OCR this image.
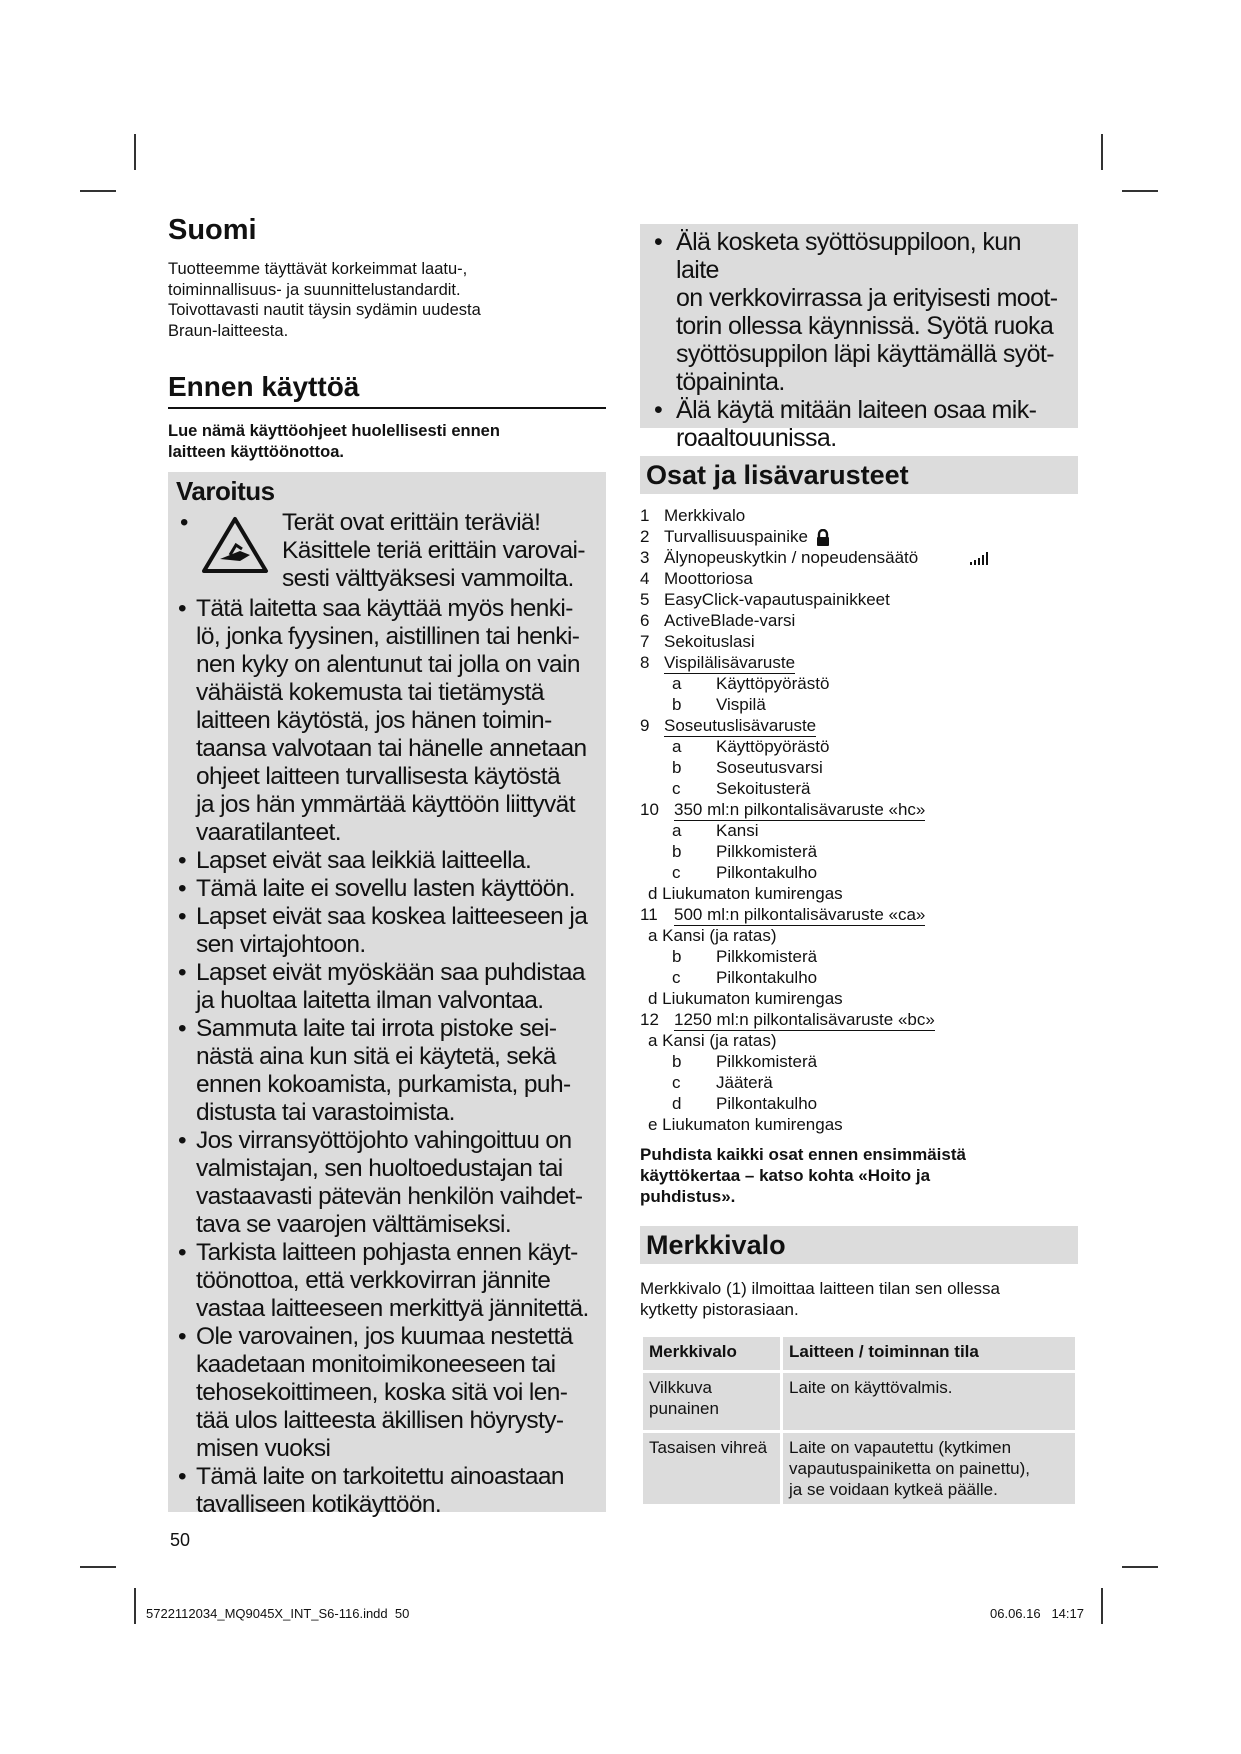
Suomi
Tuotteemme täyttävät korkeimmat laatu-,
toiminnallisuus- ja suunnittelustandardit.
Toivottavasti nautit täysin sydämin uudesta
Braun-laitteesta.
Ennen käyttöä
Lue nämä käyttöohjeet huolellisesti ennen
laitteen käyttöönottoa.
Varoitus
•	Terät ovat erittäin teräviä!
Käsittele teriä erittäin varovai-
sesti välttyäksesi vammoilta.
• Tätä laitetta saa käyttää myös henki-
lö, jonka fyysinen, aistillinen tai henki-
nen kyky on alentunut tai jolla on vain
vähäistä kokemusta tai tietämystä
laitteen käytöstä, jos hänen toimin-
taansa valvotaan tai hänelle annetaan
ohjeet laitteen turvallisesta käytöstä
ja jos hän ymmärtää käyttöön liittyvät
vaaratilanteet.
• Lapset eivät saa leikkiä laitteella.
• Tämä laite ei sovellu lasten käyttöön.
• Lapset eivät saa koskea laitteeseen ja
sen virtajohtoon.
• Lapset eivät myöskään saa puhdistaa
ja huoltaa laitetta ilman valvontaa.
• Sammuta laite tai irrota pistoke sei-
nästä aina kun sitä ei käytetä, sekä
ennen kokoamista, purkamista, puh-
distusta tai varastoimista.
• Jos virransyöttöjohto vahingoittuu on
valmistajan, sen huoltoedustajan tai
vastaavasti pätevän henkilön vaihdet-
tava se vaarojen välttämiseksi.
• Tarkista laitteen pohjasta ennen käyt-
töönottoa, että verkkovirran jännite
vastaa laitteeseen merkittyä jännitettä.
• Ole varovainen, jos kuumaa nestettä
kaadetaan monitoimikoneeseen tai
tehosekoittimeen, koska sitä voi len-
tää ulos laitteesta äkillisen höyrysty-
misen vuoksi
• Tämä laite on tarkoitettu ainoastaan
tavalliseen kotikäyttöön.
50
• Älä kosketa syöttösuppiloon, kun laite
on verkkovirrassa ja erityisesti moot-
torin ollessa käynnissä. Syötä ruoka
syöttösuppilon läpi käyttämällä syöt-
töpaininta.
• Älä käytä mitään laiteen osaa mik-
roaaltouunissa.
Osat ja lisävarusteet
1 Merkkivalo
2 Turvallisuuspainike
3 Älynopeuskytkin / nopeudensäätö
4 Moottoriosa
5 EasyClick-vapautuspainikkeet
6 ActiveBlade-varsi
7 Sekoituslasi
8 Vispilälisävaruste
a Käyttöpyörästö
b Vispilä
9 Soseutuslisävaruste
a Käyttöpyörästö
b Soseutusvarsi
c Sekoitusterä
10 350 ml:n pilkontalisävaruste «hc»
a Kansi
b Pilkkomisterä
c Pilkontakulho
d Liukumaton kumirengas
11 500 ml:n pilkontalisävaruste «ca»
a Kansi (ja ratas)
b Pilkkomisterä
c Pilkontakulho
d Liukumaton kumirengas
12 1250 ml:n pilkontalisävaruste «bc»
a Kansi (ja ratas)
b Pilkkomisterä
c Jääterä
d Pilkontakulho
e Liukumaton kumirengas
Puhdista kaikki osat ennen ensimmäistä
käyttökertaa – katso kohta «Hoito ja
puhdistus».
Merkkivalo
Merkkivalo (1) ilmoittaa laitteen tilan sen ollessa
kytketty pistorasiaan.
Merkkivalo	Laitteen / toiminnan tila

Vilkkuva
punainen	Laite on käyttövalmis.
Tasaisen vihreä	Laite on vapautettu (kytkimen
vapautuspainiketta on painettu),
ja se voidaan kytkeä päälle.
5722112034_MQ9045X_INT_S6-116.indd 50	06.06.16 14:17
